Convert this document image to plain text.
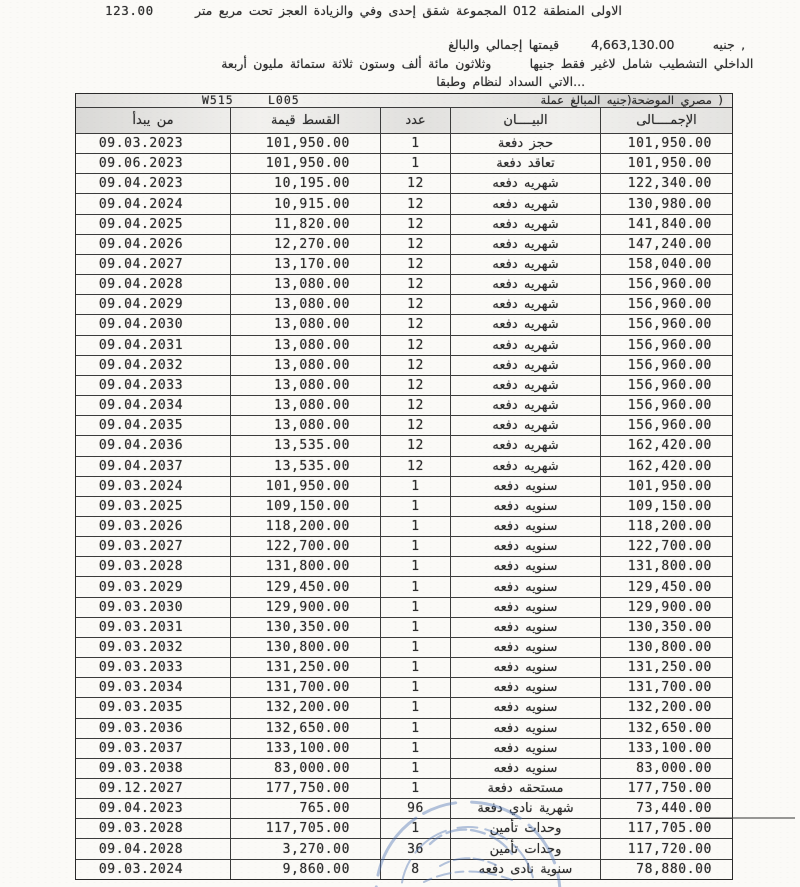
123.00	متر مربع تحت العجز والزيادة وفي إحدى شقق المجموعة 012 المنطقة الاولى
والبالغ إجمالي قيمتها	4,663,130.00	جنيه ,
أربعة مليون ستمائة ثلاثة وستون ألف مائة وثلاثون	جنيها فقط لاغير شامل التشطيب الداخلي
وطبقا لنظام السداد الاتي...
W515	L005	عملة المبالغ الموضحة(جنيه مصري )
يبدأ من	قيمة القسط	عدد	البيــــان	الإجمــــالى
09.03.2023	101,950.00	1	دفعة حجز	101,950.00
09.06.2023	101,950.00	1	دفعة تعاقد	101,950.00
09.04.2023	10,195.00	12	دفعه شهريه	122,340.00
09.04.2024	10,915.00	12	دفعه شهريه	130,980.00
09.04.2025	11,820.00	12	دفعه شهريه	141,840.00
09.04.2026	12,270.00	12	دفعه شهريه	147,240.00
09.04.2027	13,170.00	12	دفعه شهريه	158,040.00
09.04.2028	13,080.00	12	دفعه شهريه	156,960.00
09.04.2029	13,080.00	12	دفعه شهريه	156,960.00
09.04.2030	13,080.00	12	دفعه شهريه	156,960.00
09.04.2031	13,080.00	12	دفعه شهريه	156,960.00
09.04.2032	13,080.00	12	دفعه شهريه	156,960.00
09.04.2033	13,080.00	12	دفعه شهريه	156,960.00
09.04.2034	13,080.00	12	دفعه شهريه	156,960.00
09.04.2035	13,080.00	12	دفعه شهريه	156,960.00
09.04.2036	13,535.00	12	دفعه شهريه	162,420.00
09.04.2037	13,535.00	12	دفعه شهريه	162,420.00
09.03.2024	101,950.00	1	دفعه سنويه	101,950.00
09.03.2025	109,150.00	1	دفعه سنويه	109,150.00
09.03.2026	118,200.00	1	دفعه سنويه	118,200.00
09.03.2027	122,700.00	1	دفعه سنويه	122,700.00
09.03.2028	131,800.00	1	دفعه سنويه	131,800.00
09.03.2029	129,450.00	1	دفعه سنويه	129,450.00
09.03.2030	129,900.00	1	دفعه سنويه	129,900.00
09.03.2031	130,350.00	1	دفعه سنويه	130,350.00
09.03.2032	130,800.00	1	دفعه سنويه	130,800.00
09.03.2033	131,250.00	1	دفعه سنويه	131,250.00
09.03.2034	131,700.00	1	دفعه سنويه	131,700.00
09.03.2035	132,200.00	1	دفعه سنويه	132,200.00
09.03.2036	132,650.00	1	دفعه سنويه	132,650.00
09.03.2037	133,100.00	1	دفعه سنويه	133,100.00
09.03.2038	83,000.00	1	دفعه سنويه	83,000.00
09.12.2027	177,750.00	1	دفعة مستحقه	177,750.00
09.04.2023	765.00	96	دفعة نادي شهرية	73,440.00
09.03.2028	117,705.00	1	تأمين وحدات	117,705.00
09.04.2028	3,270.00	36	تأمين وحدات	117,720.00
09.03.2024	9,860.00	8	دفعه نادى سنوية	78,880.00
